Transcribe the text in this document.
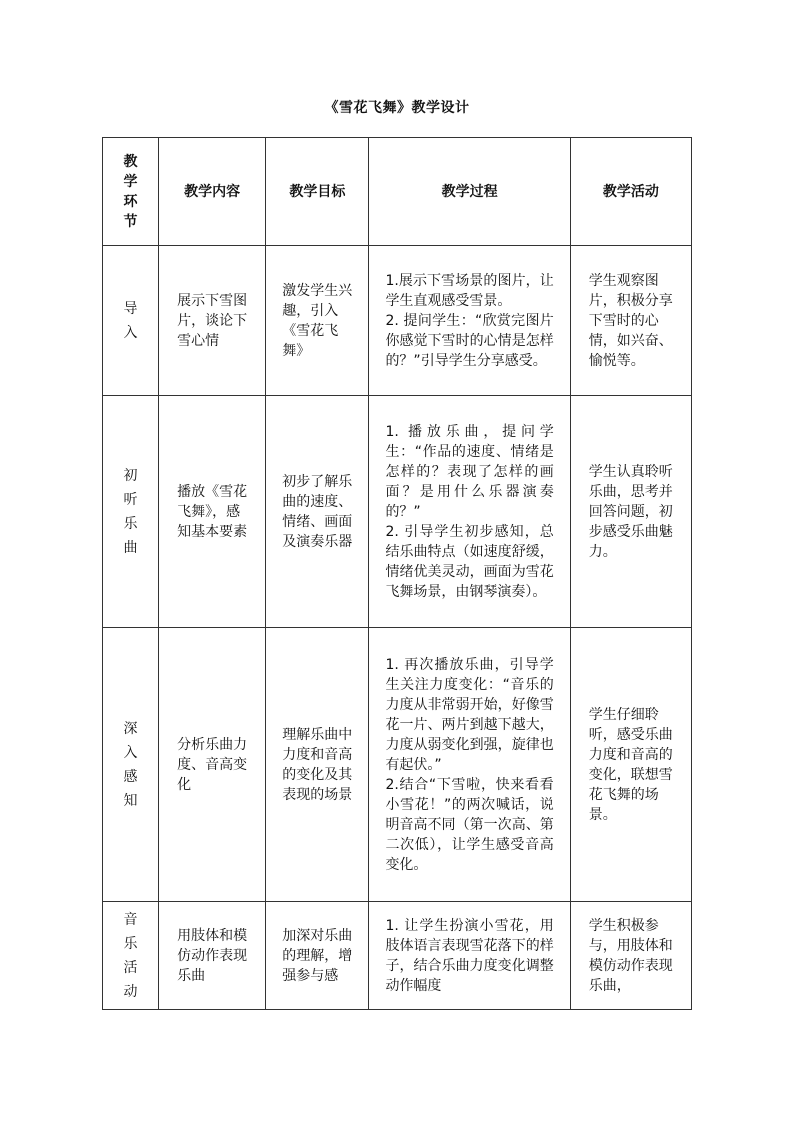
《雪花飞舞》教学设计
教学环节	教学内容	教学目标	教学过程	教学活动

导入	展示下雪图片，谈论下雪心情	激发学生兴趣，引入《雪花飞舞》	1.展示下雪场景的图片，让学生直观感受雪景。
2. 提问学生：“欣赏完图片你感觉下雪时的心情是怎样的？”引导学生分享感受。	学生观察图片，积极分享下雪时的心情，如兴奋、愉悦等。

初听乐曲	播放《雪花飞舞》，感知基本要素	初步了解乐曲的速度、情绪、画面及演奏乐器	1. 播放乐曲，提问学生：“作品的速度、情绪是怎样的？表现了怎样的画面？是用什么乐器演奏的？”
2. 引导学生初步感知，总结乐曲特点（如速度舒缓，情绪优美灵动，画面为雪花飞舞场景，由钢琴演奏）。	学生认真聆听乐曲，思考并回答问题，初步感受乐曲魅力。

深入感知	分析乐曲力度、音高变化	理解乐曲中力度和音高的变化及其表现的场景	1. 再次播放乐曲，引导学生关注力度变化：“音乐的力度从非常弱开始，好像雪花一片、两片到越下越大，力度从弱变化到强，旋律也有起伏。”
2.结合“下雪啦，快来看看小雪花！”的两次喊话，说明音高不同（第一次高、第二次低），让学生感受音高变化。	学生仔细聆听，感受乐曲力度和音高的变化，联想雪花飞舞的场景。

音乐活动	用肢体和模仿动作表现乐曲	加深对乐曲的理解，增强参与感	1. 让学生扮演小雪花，用肢体语言表现雪花落下的样子，结合乐曲力度变化调整动作幅度	学生积极参与，用肢体和模仿动作表现乐曲，
